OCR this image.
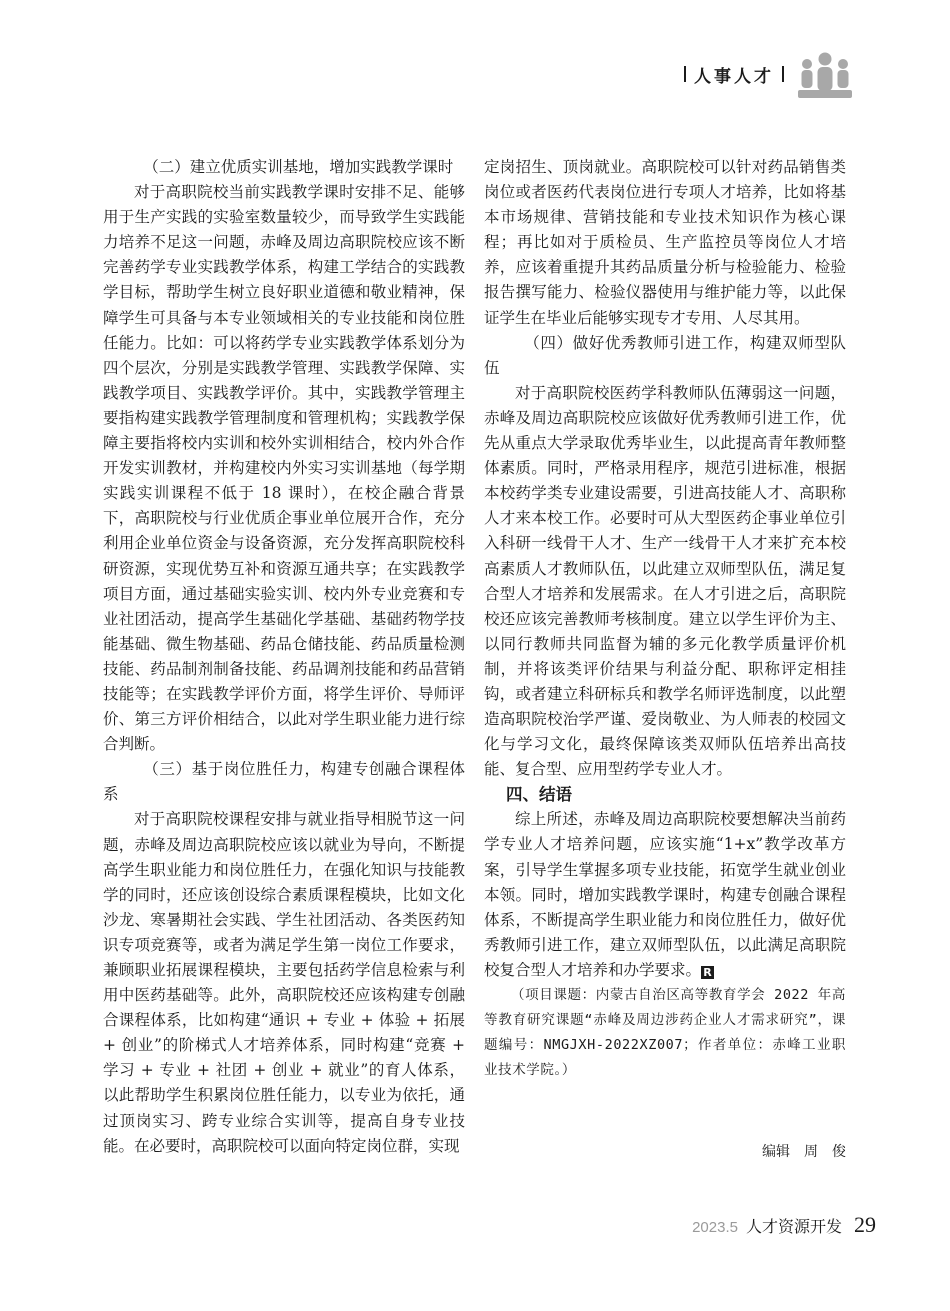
人事人才

（二）建立优质实训基地，增加实践教学课时

对于高职院校当前实践教学课时安排不足、能够用于生产实践的实验室数量较少，而导致学生实践能力培养不足这一问题，赤峰及周边高职院校应该不断完善药学专业实践教学体系，构建工学结合的实践教学目标，帮助学生树立良好职业道德和敬业精神，保障学生可具备与本专业领域相关的专业技能和岗位胜任能力。比如：可以将药学专业实践教学体系划分为四个层次，分别是实践教学管理、实践教学保障、实践教学项目、实践教学评价。其中，实践教学管理主要指构建实践教学管理制度和管理机构；实践教学保障主要指将校内实训和校外实训相结合，校内外合作开发实训教材，并构建校内外实习实训基地（每学期实践实训课程不低于 18 课时），在校企融合背景下，高职院校与行业优质企事业单位展开合作，充分利用企业单位资金与设备资源，充分发挥高职院校科研资源，实现优势互补和资源互通共享；在实践教学项目方面，通过基础实验实训、校内外专业竞赛和专业社团活动，提高学生基础化学基础、基础药物学技能基础、微生物基础、药品仓储技能、药品质量检测技能、药品制剂制备技能、药品调剂技能和药品营销技能等；在实践教学评价方面，将学生评价、导师评价、第三方评价相结合，以此对学生职业能力进行综合判断。

（三）基于岗位胜任力，构建专创融合课程体系

对于高职院校课程安排与就业指导相脱节这一问题，赤峰及周边高职院校应该以就业为导向，不断提高学生职业能力和岗位胜任力，在强化知识与技能教学的同时，还应该创设综合素质课程模块，比如文化沙龙、寒暑期社会实践、学生社团活动、各类医药知识专项竞赛等，或者为满足学生第一岗位工作要求，兼顾职业拓展课程模块，主要包括药学信息检索与利用中医药基础等。此外，高职院校还应该构建专创融合课程体系，比如构建“通识 + 专业 + 体验 + 拓展 + 创业”的阶梯式人才培养体系，同时构建“竞赛 + 学习 + 专业 + 社团 + 创业 + 就业”的育人体系，以此帮助学生积累岗位胜任能力，以专业为依托，通过顶岗实习、跨专业综合实训等，提高自身专业技能。在必要时，高职院校可以面向特定岗位群，实现

定岗招生、顶岗就业。高职院校可以针对药品销售类岗位或者医药代表岗位进行专项人才培养，比如将基本市场规律、营销技能和专业技术知识作为核心课程；再比如对于质检员、生产监控员等岗位人才培养，应该着重提升其药品质量分析与检验能力、检验报告撰写能力、检验仪器使用与维护能力等，以此保证学生在毕业后能够实现专才专用、人尽其用。

（四）做好优秀教师引进工作，构建双师型队伍

对于高职院校医药学科教师队伍薄弱这一问题，赤峰及周边高职院校应该做好优秀教师引进工作，优先从重点大学录取优秀毕业生，以此提高青年教师整体素质。同时，严格录用程序，规范引进标准，根据本校药学类专业建设需要，引进高技能人才、高职称人才来本校工作。必要时可从大型医药企事业单位引入科研一线骨干人才、生产一线骨干人才来扩充本校高素质人才教师队伍，以此建立双师型队伍，满足复合型人才培养和发展需求。在人才引进之后，高职院校还应该完善教师考核制度。建立以学生评价为主、以同行教师共同监督为辅的多元化教学质量评价机制，并将该类评价结果与利益分配、职称评定相挂钩，或者建立科研标兵和教学名师评选制度，以此塑造高职院校治学严谨、爱岗敬业、为人师表的校园文化与学习文化，最终保障该类双师队伍培养出高技能、复合型、应用型药学专业人才。

四、结语

综上所述，赤峰及周边高职院校要想解决当前药学专业人才培养问题，应该实施“1+x”教学改革方案，引导学生掌握多项专业技能，拓宽学生就业创业本领。同时，增加实践教学课时，构建专创融合课程体系，不断提高学生职业能力和岗位胜任力，做好优秀教师引进工作，建立双师型队伍，以此满足高职院校复合型人才培养和办学要求。 R

（项目课题：内蒙古自治区高等教育学会 2022 年高等教育研究课题“赤峰及周边涉药企业人才需求研究”，课题编号：NMGJXH-2022XZ007；作者单位：赤峰工业职业技术学院。）

编辑　周　俊
2023.5 人才资源开发 29
